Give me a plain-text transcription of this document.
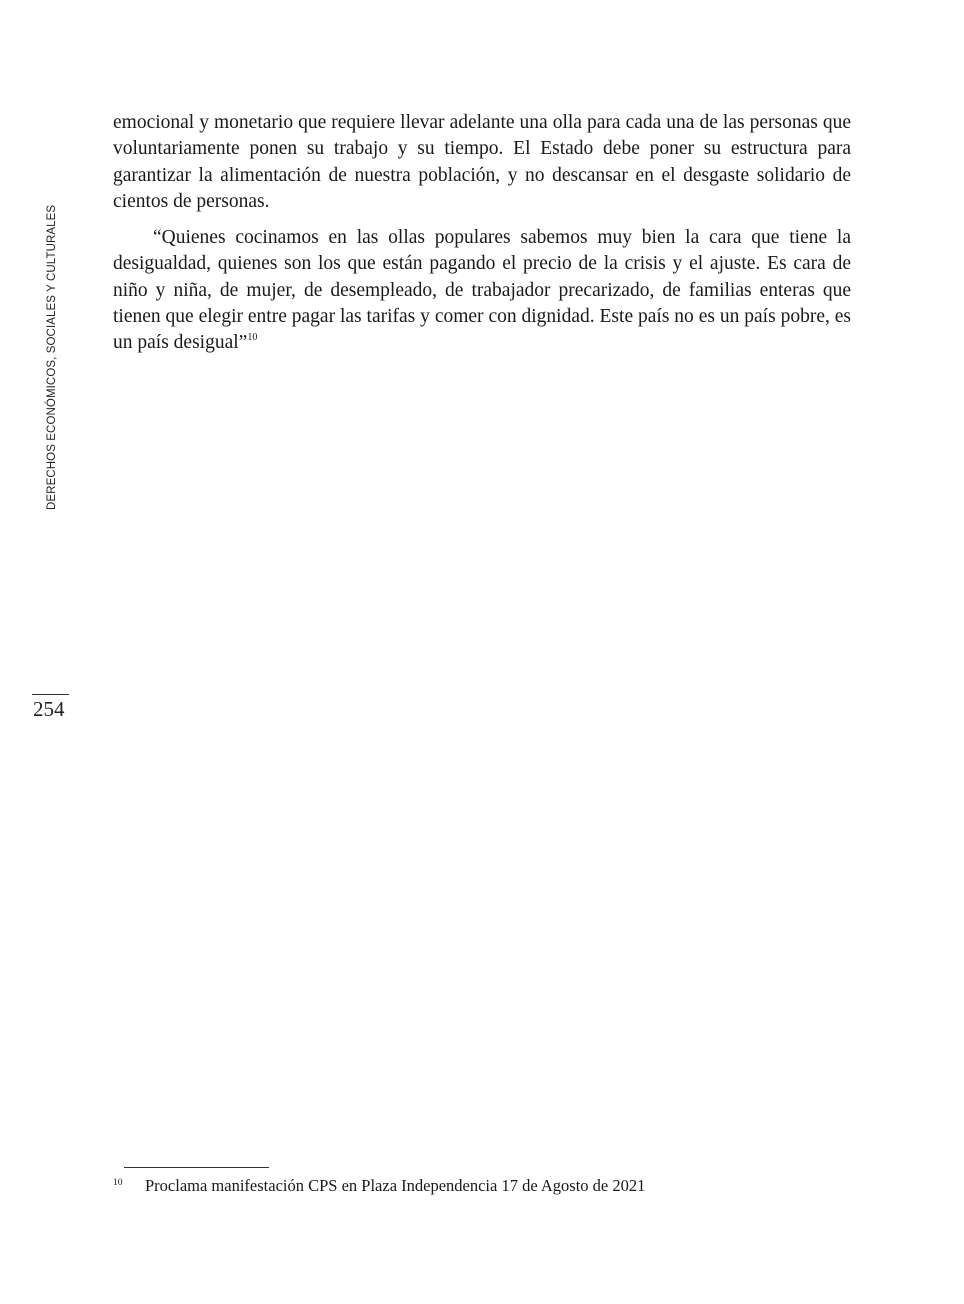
DERECHOS ECONÓMICOS, SOCIALES Y CULTURALES
254

emocional y monetario que requiere llevar adelante una olla para cada una de las personas que voluntariamente ponen su trabajo y su tiempo. El Estado debe poner su estructura para garantizar la alimentación de nuestra población, y no descansar en el desgaste solidario de cientos de personas.

“Quienes cocinamos en las ollas populares sabemos muy bien la cara que tiene la desigualdad, quienes son los que están pagando el precio de la crisis y el ajuste. Es cara de niño y niña, de mujer, de desempleado, de trabajador precarizado, de familias enteras que tienen que elegir entre pagar las tarifas y comer con dignidad. Este país no es un país pobre, es un país desigual”$^{10}$

10 Proclama manifestación CPS en Plaza Independencia 17 de Agosto de 2021
